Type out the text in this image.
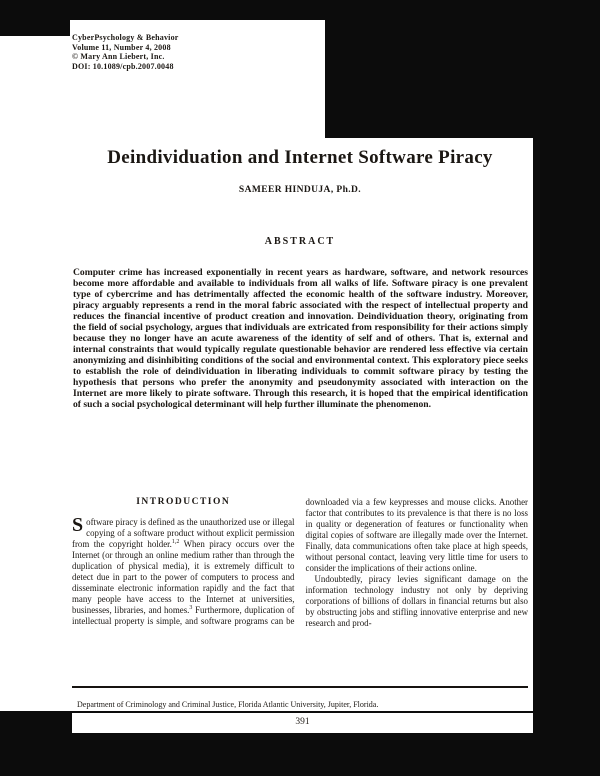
391
CyberPsychology & Behavior
Volume 11, Number 4, 2008
© Mary Ann Liebert, Inc.
DOI: 10.1089/cpb.2007.0048
Deindividuation and Internet Software Piracy
SAMEER HINDUJA, Ph.D.
ABSTRACT

Computer crime has increased exponentially in recent years as hardware, software, and network resources become more affordable and available to individuals from all walks of life. Software piracy is one prevalent type of cybercrime and has detrimentally affected the economic health of the software industry. Moreover, piracy arguably represents a rend in the moral fabric associated with the respect of intellectual property and reduces the financial incentive of product creation and innovation. Deindividuation theory, originating from the field of social psychology, argues that individuals are extricated from responsibility for their actions simply because they no longer have an acute awareness of the identity of self and of others. That is, external and internal constraints that would typically regulate questionable behavior are rendered less effective via certain anonymizing and disinhibiting conditions of the social and environmental context. This exploratory piece seeks to establish the role of deindividuation in liberating individuals to commit software piracy by testing the hypothesis that persons who prefer the anonymity and pseudonymity associated with interaction on the Internet are more likely to pirate software. Through this research, it is hoped that the empirical identification of such a social psychological determinant will help further illuminate the phenomenon.

INTRODUCTION

Software piracy is defined as the unauthorized use or illegal copying of a software product without explicit permission from the copyright holder.$^{1,2}$ When piracy occurs over the Internet (or through an online medium rather than through the duplication of physical media), it is extremely difficult to detect due in part to the power of computers to process and disseminate electronic information rapidly and the fact that many people have access to the Internet at universities, businesses, libraries, and homes.$^3$ Furthermore, duplication of intellectual property is simple, and software programs can be downloaded via a few keypresses and mouse clicks. Another factor that contributes to its prevalence is that there is no loss in quality or degeneration of features or functionality when digital copies of software are illegally made over the Internet. Finally, data communications often take place at high speeds, without personal contact, leaving very little time for users to consider the implications of their actions online.

Undoubtedly, piracy levies significant damage on the information technology industry not only by depriving corporations of billions of dollars in financial returns but also by obstructing jobs and stifling innovative enterprise and new research and prod-

Department of Criminology and Criminal Justice, Florida Atlantic University, Jupiter, Florida.
